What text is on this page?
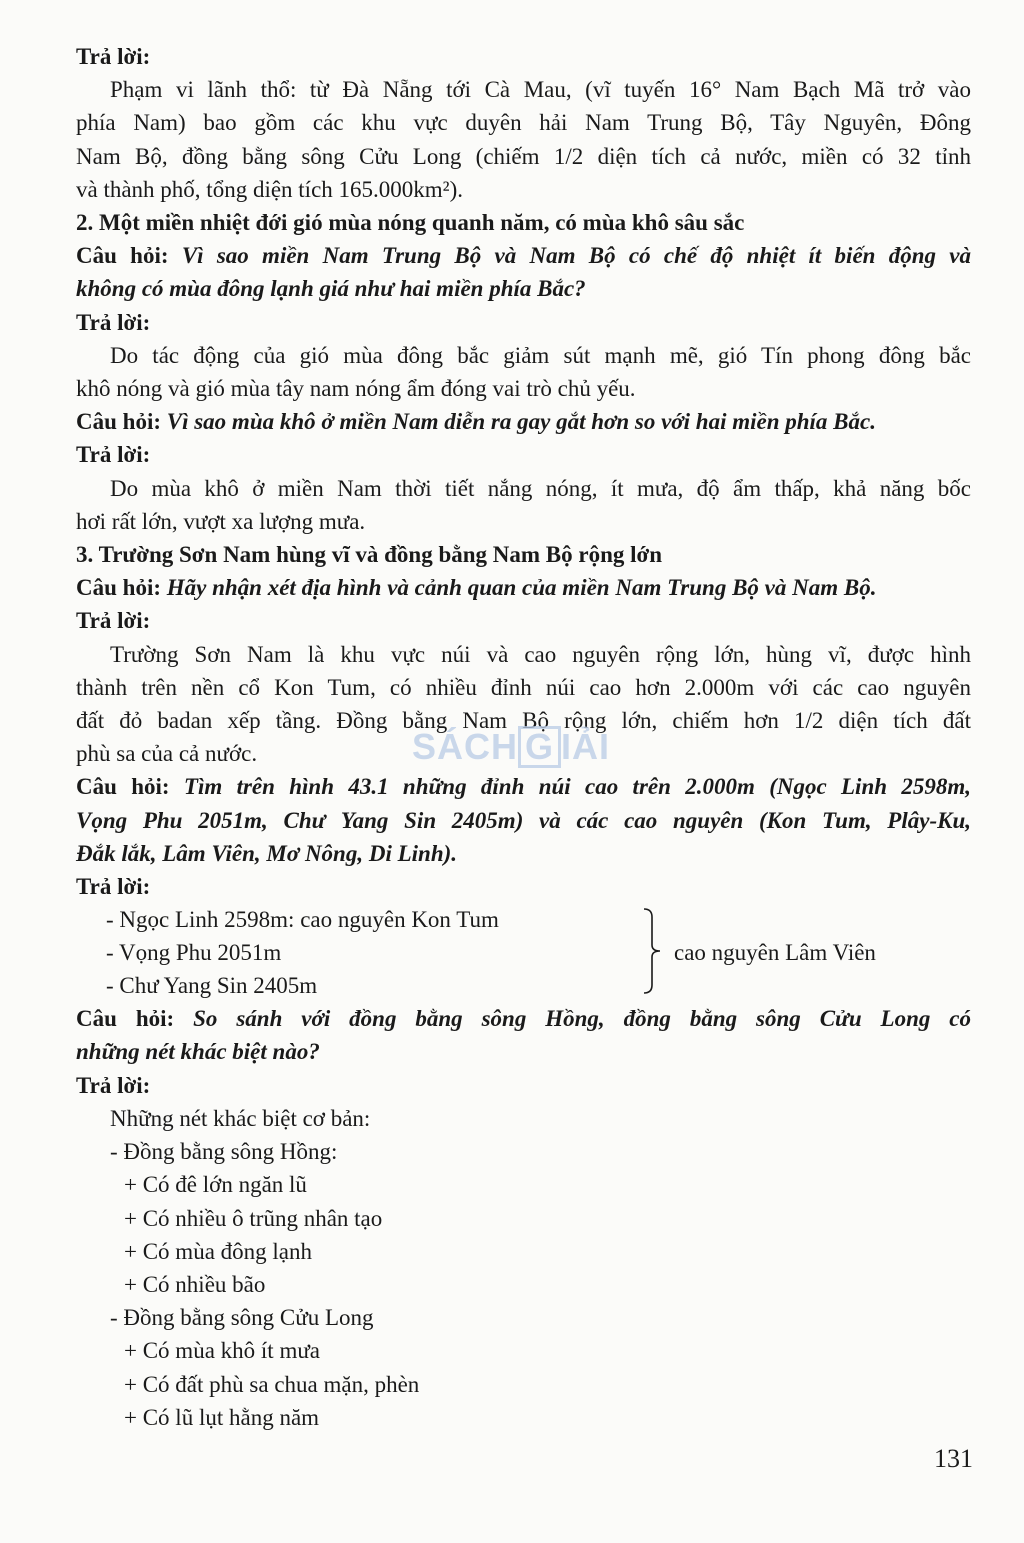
Trả lời:
Phạm vi lãnh thổ: từ Đà Nẵng tới Cà Mau, (vĩ tuyến 16° Nam Bạch Mã trở vào
phía Nam) bao gồm các khu vực duyên hải Nam Trung Bộ, Tây Nguyên, Đông
Nam Bộ, đồng bằng sông Cửu Long (chiếm 1/2 diện tích cả nước, miền có 32 tỉnh
và thành phố, tổng diện tích 165.000km²).
2. Một miền nhiệt đới gió mùa nóng quanh năm, có mùa khô sâu sắc
Câu hỏi: Vì sao miền Nam Trung Bộ và Nam Bộ có chế độ nhiệt ít biến động và
không có mùa đông lạnh giá như hai miền phía Bắc?
Trả lời:
Do tác động của gió mùa đông bắc giảm sút mạnh mẽ, gió Tín phong đông bắc
khô nóng và gió mùa tây nam nóng ẩm đóng vai trò chủ yếu.
Câu hỏi: Vì sao mùa khô ở miền Nam diễn ra gay gắt hơn so với hai miền phía Bắc.
Trả lời:
Do mùa khô ở miền Nam thời tiết nắng nóng, ít mưa, độ ẩm thấp, khả năng bốc
hơi rất lớn, vượt xa lượng mưa.
3. Trường Sơn Nam hùng vĩ và đồng bằng Nam Bộ rộng lớn
Câu hỏi: Hãy nhận xét địa hình và cảnh quan của miền Nam Trung Bộ và Nam Bộ.
Trả lời:
Trường Sơn Nam là khu vực núi và cao nguyên rộng lớn, hùng vĩ, được hình
thành trên nền cổ Kon Tum, có nhiều đỉnh núi cao hơn 2.000m với các cao nguyên
đất đỏ badan xếp tầng. Đồng bằng Nam Bộ rộng lớn, chiếm hơn 1/2 diện tích đất
phù sa của cả nước.
Câu hỏi: Tìm trên hình 43.1 những đỉnh núi cao trên 2.000m (Ngọc Linh 2598m,
Vọng Phu 2051m, Chư Yang Sin 2405m) và các cao nguyên (Kon Tum, Plây-Ku,
Đắk lắk, Lâm Viên, Mơ Nông, Di Linh).
Trả lời:
- Ngọc Linh 2598m: cao nguyên Kon Tum
- Vọng Phu 2051m
- Chư Yang Sin 2405m
cao nguyên Lâm Viên
Câu hỏi: So sánh với đồng bằng sông Hồng, đồng bằng sông Cửu Long có
những nét khác biệt nào?
Trả lời:
Những nét khác biệt cơ bản:
- Đồng bằng sông Hồng:
+ Có đê lớn ngăn lũ
+ Có nhiều ô trũng nhân tạo
+ Có mùa đông lạnh
+ Có nhiều bão
- Đồng bằng sông Cửu Long
+ Có mùa khô ít mưa
+ Có đất phù sa chua mặn, phèn
+ Có lũ lụt hằng năm
SÁCH G IẢI
131
